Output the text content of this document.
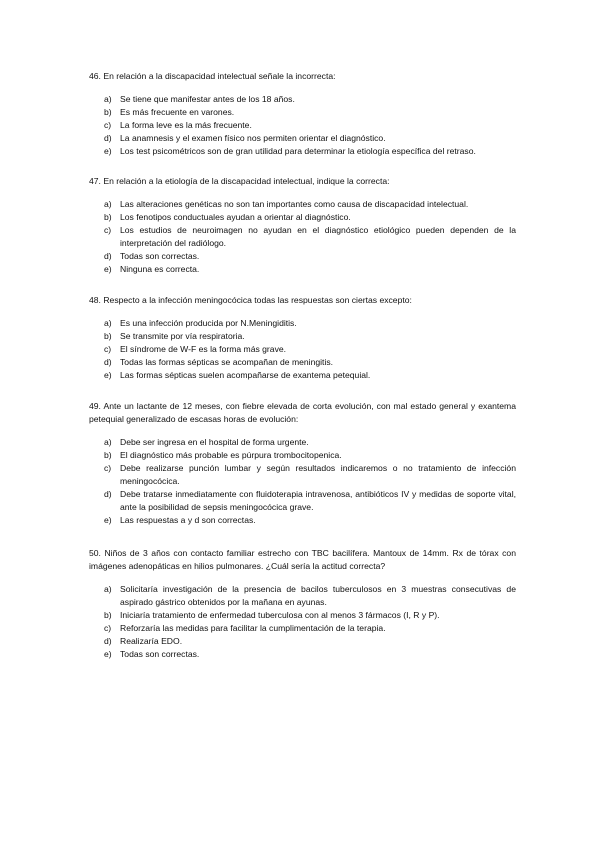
46. En relación a la discapacidad intelectual señale la incorrecta:

a) Se tiene que manifestar antes de los 18 años.
b) Es más frecuente en varones.
c)	La forma leve es la más frecuente.
d) La anamnesis y el examen físico nos permiten orientar el diagnóstico.
e) Los test psicométricos son de gran utilidad para determinar la etiología específica del retraso.

47. En relación a la etiología de la discapacidad intelectual, indique la correcta:

a) Las alteraciones genéticas no son tan importantes como causa de discapacidad intelectual.
b) Los fenotipos conductuales ayudan a orientar al diagnóstico.
c)	Los estudios de neuroimagen no ayudan en el diagnóstico etiológico pueden dependen de la interpretación del radiólogo.
d) Todas son correctas.
e) Ninguna es correcta.

48. Respecto a la infección meningocócica todas las respuestas son ciertas excepto:

a) Es una infección producida por N.Meningiditis.
b) Se transmite por vía respiratoria.
c)	El síndrome de W-F es la forma más grave.
d) Todas las formas sépticas se acompañan de meningitis.
e) Las formas sépticas suelen acompañarse de exantema petequial.

49. Ante un lactante de 12 meses, con fiebre elevada de corta evolución, con mal estado general y exantema petequial generalizado de escasas horas de evolución:

a) Debe ser ingresa en el hospital de forma urgente.
b) El diagnóstico más probable es púrpura trombocitopenica.
c)	Debe realizarse punción lumbar y según resultados indicaremos o no tratamiento de infección meningocócica.
d) Debe tratarse inmediatamente con fluidoterapia intravenosa, antibióticos IV y medidas de soporte vital, ante la posibilidad de sepsis meningocócica grave.
e) Las respuestas a y d son correctas.

50. Niños de 3 años con contacto familiar estrecho con TBC bacilífera. Mantoux de 14mm. Rx de tórax con imágenes adenopáticas en hilios pulmonares. ¿Cuál sería la actitud correcta?

a) Solicitaría investigación de la presencia de bacilos tuberculosos en 3 muestras consecutivas de aspirado gástrico obtenidos por la mañana en ayunas.
b) Iniciaría tratamiento de enfermedad tuberculosa con al menos 3 fármacos (I, R y P).
c)	Reforzaría las medidas para facilitar la cumplimentación de la terapia.
d) Realizaría EDO.
e) Todas son correctas.
